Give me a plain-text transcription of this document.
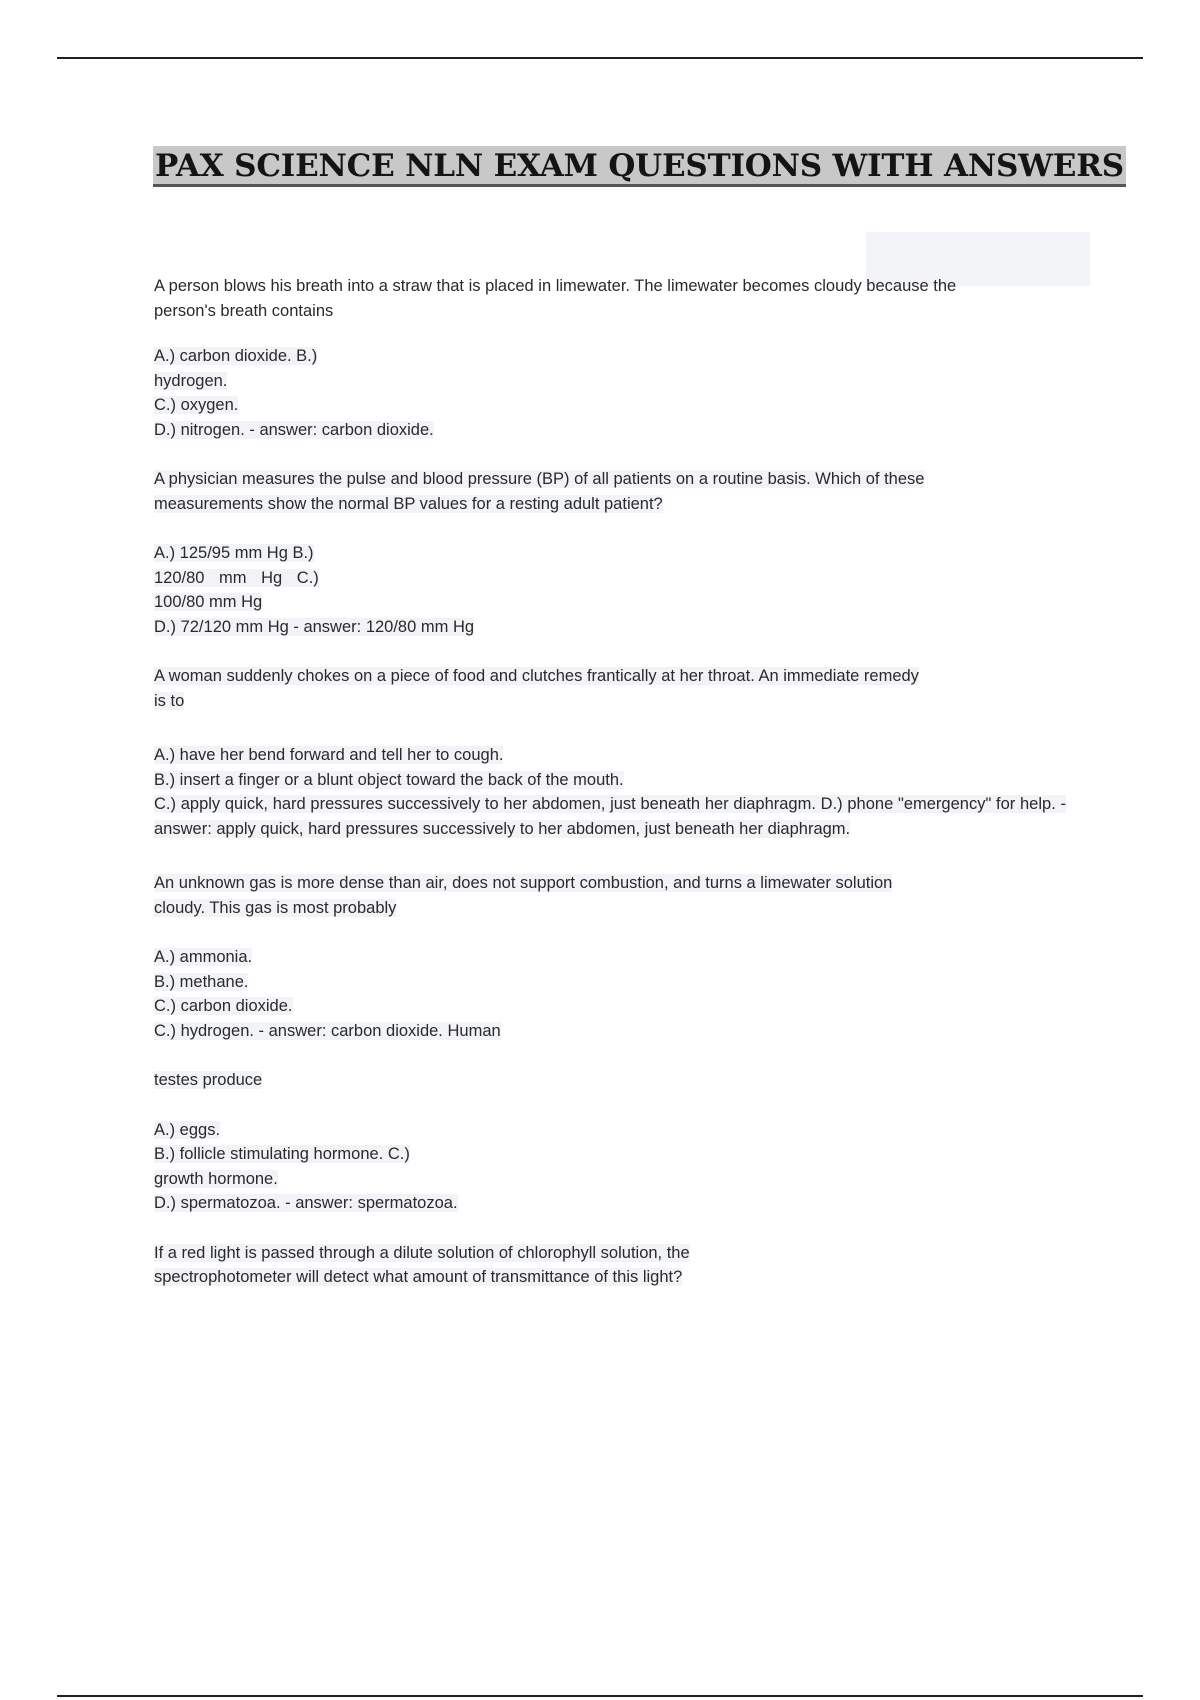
PAX SCIENCE NLN EXAM QUESTIONS WITH ANSWERS
A person blows his breath into a straw that is placed in limewater. The limewater becomes cloudy because the
person's breath contains
A.) carbon dioxide. B.)
hydrogen.
C.) oxygen.
D.) nitrogen. - answer: carbon dioxide.
A physician measures the pulse and blood pressure (BP) of all patients on a routine basis. Which of these
measurements show the normal BP values for a resting adult patient?
A.) 125/95 mm Hg B.)
120/80 mm Hg C.)
100/80 mm Hg
D.) 72/120 mm Hg - answer: 120/80 mm Hg
A woman suddenly chokes on a piece of food and clutches frantically at her throat. An immediate remedy
is to
A.) have her bend forward and tell her to cough.
B.) insert a finger or a blunt object toward the back of the mouth.
C.) apply quick, hard pressures successively to her abdomen, just beneath her diaphragm. D.) phone "emergency" for help. - answer: apply quick, hard pressures successively to her abdomen, just beneath her diaphragm.
An unknown gas is more dense than air, does not support combustion, and turns a limewater solution
cloudy. This gas is most probably
A.) ammonia.
B.) methane.
C.) carbon dioxide.
C.) hydrogen. - answer: carbon dioxide. Human
testes produce
A.) eggs.
B.) follicle stimulating hormone. C.)
growth hormone.
D.) spermatozoa. - answer: spermatozoa.
If a red light is passed through a dilute solution of chlorophyll solution, the
spectrophotometer will detect what amount of transmittance of this light?
